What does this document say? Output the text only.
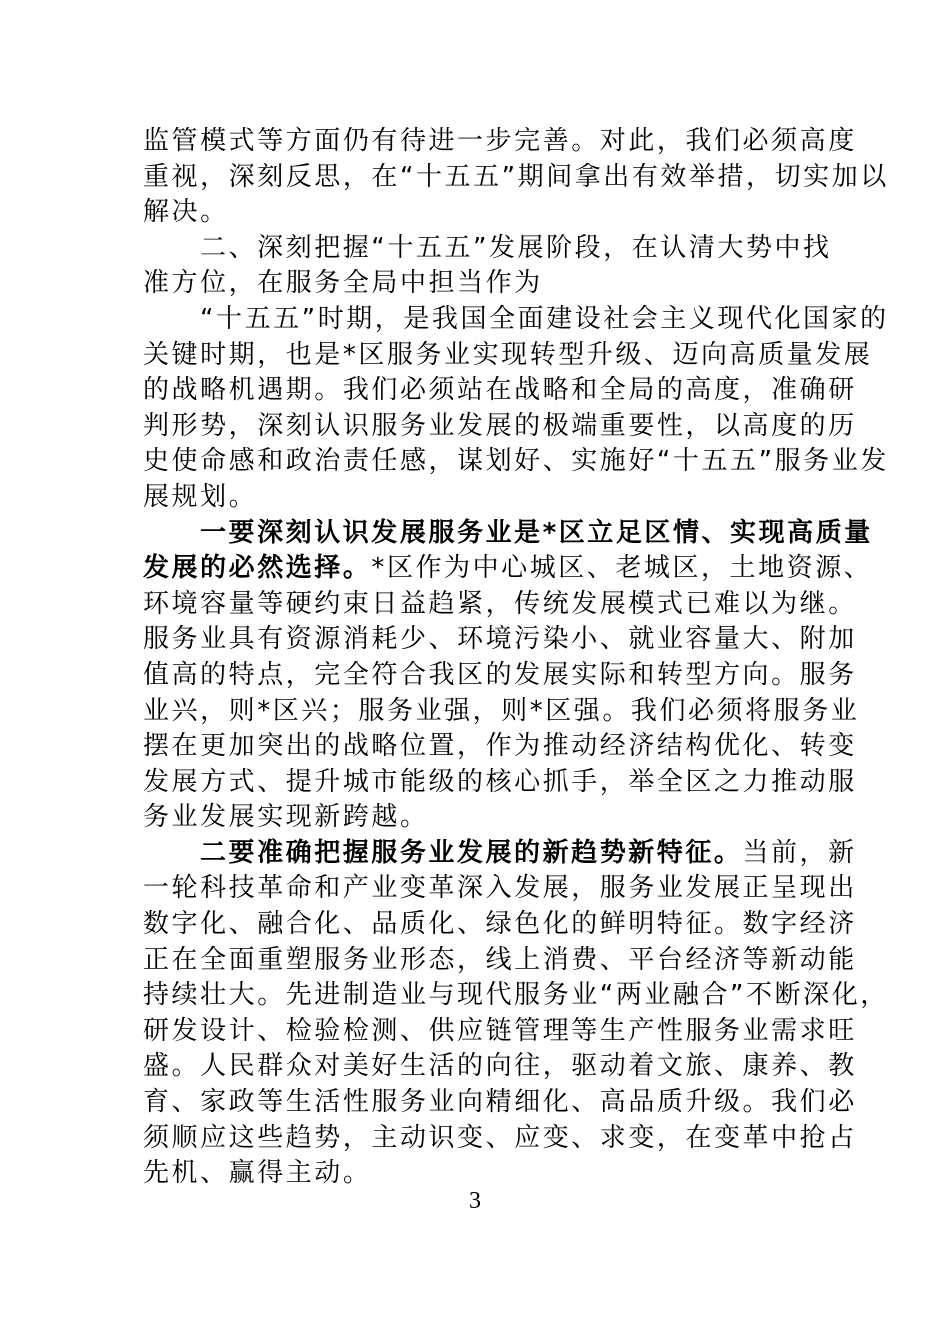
监管模式等方面仍有待进一步完善。对此，我们必须高度
重视，深刻反思，在“十五五”期间拿出有效举措，切实加以
解决。
二、深刻把握“十五五”发展阶段，在认清大势中找
准方位，在服务全局中担当作为
“十五五”时期，是我国全面建设社会主义现代化国家的
关键时期，也是*区服务业实现转型升级、迈向高质量发展
的战略机遇期。我们必须站在战略和全局的高度，准确研
判形势，深刻认识服务业发展的极端重要性，以高度的历
史使命感和政治责任感，谋划好、实施好“十五五”服务业发
展规划。
一要深刻认识发展服务业是*区立足区情、实现高质量
发展的必然选择。*区作为中心城区、老城区，土地资源、
环境容量等硬约束日益趋紧，传统发展模式已难以为继。
服务业具有资源消耗少、环境污染小、就业容量大、附加
值高的特点，完全符合我区的发展实际和转型方向。服务
业兴，则*区兴；服务业强，则*区强。我们必须将服务业
摆在更加突出的战略位置，作为推动经济结构优化、转变
发展方式、提升城市能级的核心抓手，举全区之力推动服
务业发展实现新跨越。
二要准确把握服务业发展的新趋势新特征。当前，新
一轮科技革命和产业变革深入发展，服务业发展正呈现出
数字化、融合化、品质化、绿色化的鲜明特征。数字经济
正在全面重塑服务业形态，线上消费、平台经济等新动能
持续壮大。先进制造业与现代服务业“两业融合”不断深化，
研发设计、检验检测、供应链管理等生产性服务业需求旺
盛。人民群众对美好生活的向往，驱动着文旅、康养、教
育、家政等生活性服务业向精细化、高品质升级。我们必
须顺应这些趋势，主动识变、应变、求变，在变革中抢占
先机、赢得主动。
3
